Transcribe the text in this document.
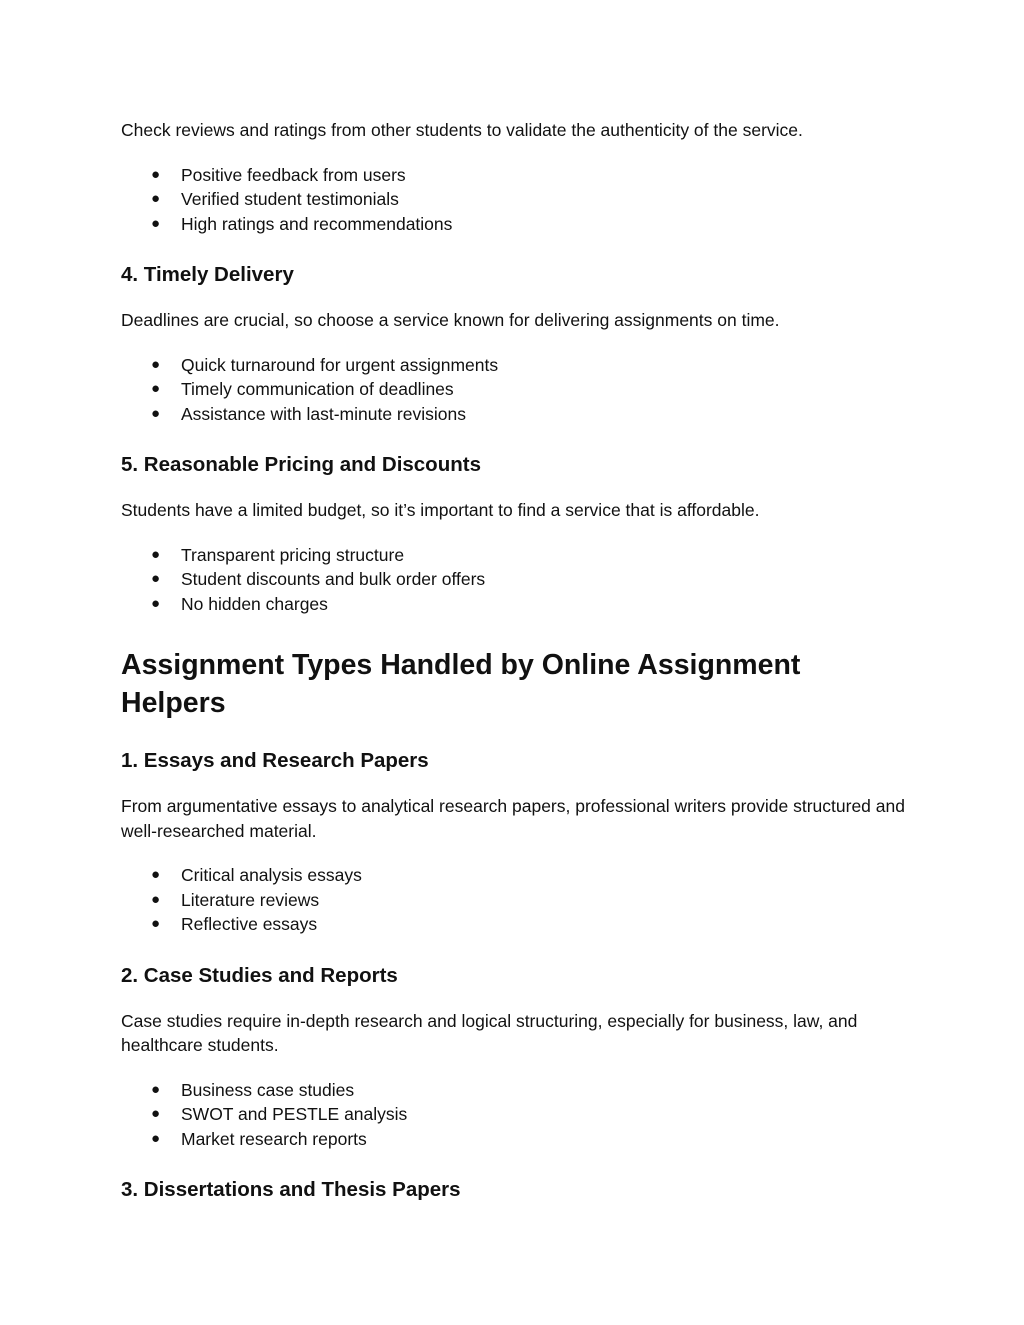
Check reviews and ratings from other students to validate the authenticity of the service.

● Positive feedback from users
● Verified student testimonials
● High ratings and recommendations
4. Timely Delivery

Deadlines are crucial, so choose a service known for delivering assignments on time.

● Quick turnaround for urgent assignments
● Timely communication of deadlines
● Assistance with last-minute revisions
5. Reasonable Pricing and Discounts

Students have a limited budget, so it’s important to find a service that is affordable.

● Transparent pricing structure
● Student discounts and bulk order offers
● No hidden charges
Assignment Types Handled by Online Assignment Helpers
1. Essays and Research Papers

From argumentative essays to analytical research papers, professional writers provide structured and well-researched material.

● Critical analysis essays
● Literature reviews
● Reflective essays
2. Case Studies and Reports

Case studies require in-depth research and logical structuring, especially for business, law, and healthcare students.

● Business case studies
● SWOT and PESTLE analysis
● Market research reports
3. Dissertations and Thesis Papers
